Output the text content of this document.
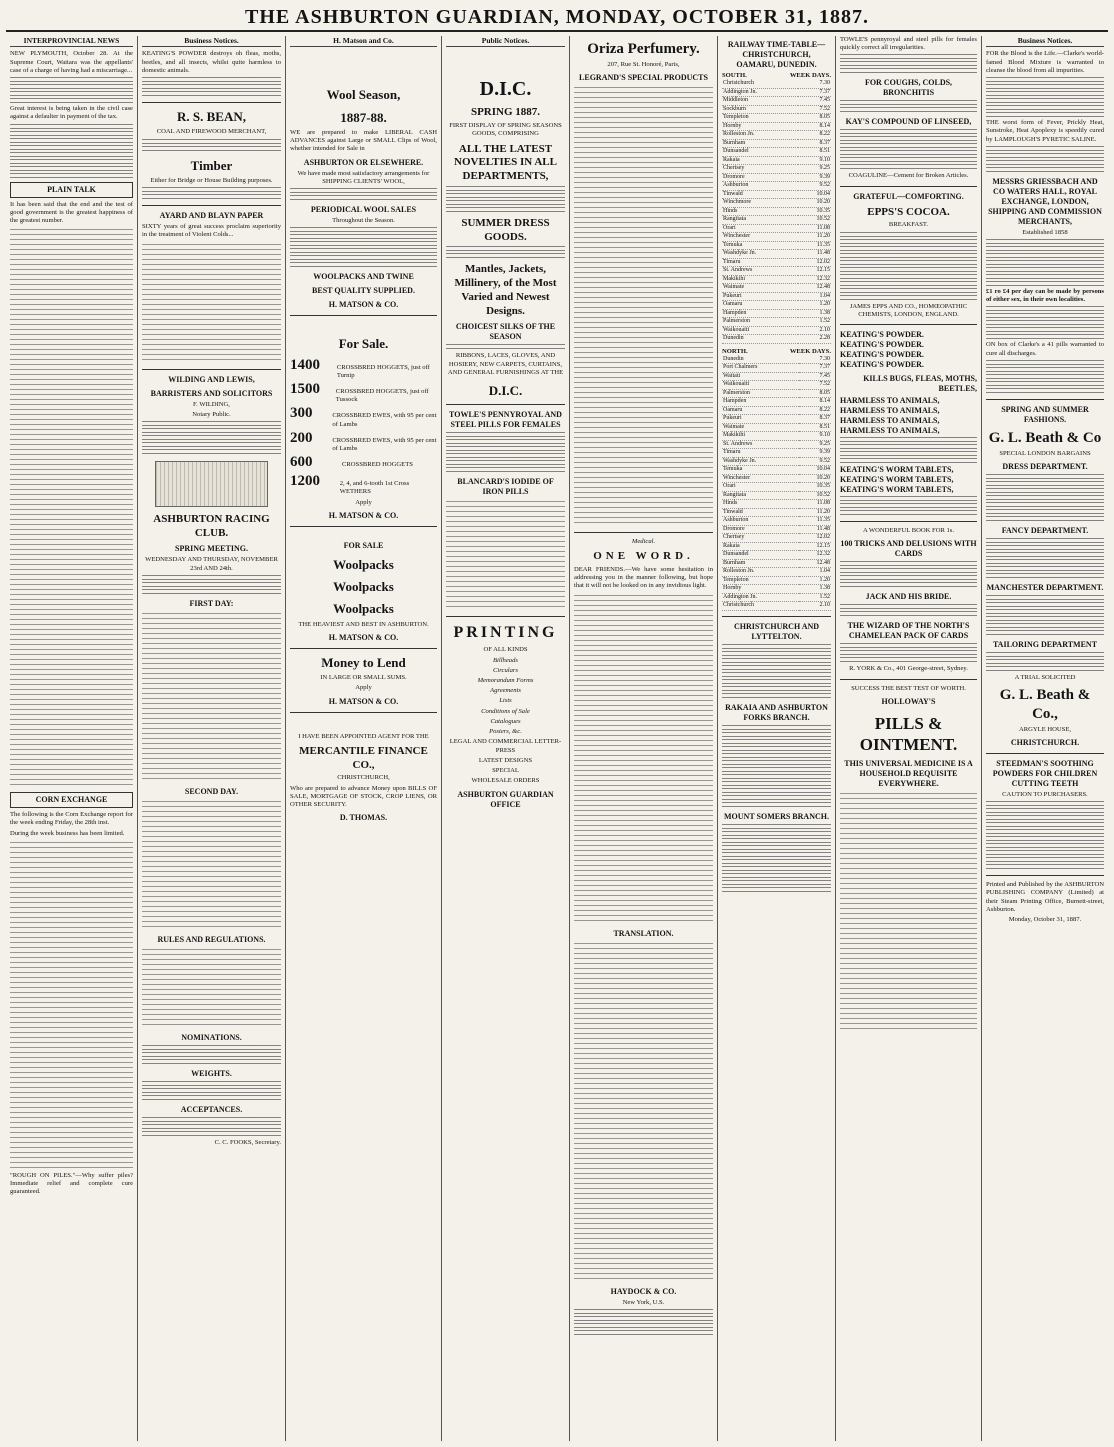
THE ASHBURTON GUARDIAN, MONDAY, OCTOBER 31, 1887.
INTERPROVINCIAL NEWS
NEW PLYMOUTH, October 28. At the Supreme Court, Waitara was the appellants' case of a charge of having had a miscarriage...
Great interest is being taken in the civil case against a defaulter in payment of the tax.
PLAIN TALK
It has been said that the end and the test of good government is the greatest happiness of the greatest number.
CORN EXCHANGE
The following is the Corn Exchange report for the week ending Friday, the 28th inst.
During the week business has been limited.
"ROUGH ON PILES."—Why suffer piles? Immediate relief and complete cure guaranteed.
Business Notices.
KEATING'S POWDER destroys oh fleas, moths, beetles, and all insects, whilst quite harmless to domestic animals.
R. S. BEAN,
COAL AND FIREWOOD MERCHANT,
Timber
Either for Bridge or House Building purposes.
AYARD AND BLAYN PAPER
SIXTY years of great success proclaim superiority in the treatment of Violent Colds...
WILDING AND LEWIS,
BARRISTERS AND SOLICITORS
F. WILDING,
Notary Public.
ASHBURTON RACING CLUB.
SPRING MEETING.
WEDNESDAY AND THURSDAY, NOVEMBER 23rd AND 24th.
FIRST DAY:
SECOND DAY.
RULES AND REGULATIONS.
NOMINATIONS.
WEIGHTS.
ACCEPTANCES.
C. C. FOOKS, Secretary.
H. Matson and Co.
Wool Season,
1887-88.
WE are prepared to make LIBERAL CASH ADVANCES against Large or SMALL Clips of Wool, whether intended for Sale in
ASHBURTON OR ELSEWHERE.
We have made most satisfactory arrangements for SHIPPING CLIENTS' WOOL,
PERIODICAL WOOL SALES
Throughout the Season.
WOOLPACKS AND TWINE
BEST QUALITY SUPPLIED.
H. MATSON & CO.
For Sale.
1400	CROSSBRED HOGGETS, just off Turnip
1500	CROSSBRED HOGGETS, just off Tussock
300	CROSSBRED EWES, with 95 per cent of Lambs
200	CROSSBRED EWES, with 95 per cent of Lambs
600	CROSSBRED HOGGETS
1200	2, 4, and 6-tooth 1st Cross WETHERS
Apply
H. MATSON & CO.
FOR SALE
Woolpacks
Woolpacks
Woolpacks
THE HEAVIEST AND BEST IN ASHBURTON.
H. MATSON & CO.
Money to Lend
IN LARGE OR SMALL SUMS.
Apply
H. MATSON & CO.
I HAVE BEEN APPOINTED AGENT FOR THE
MERCANTILE FINANCE CO.,
CHRISTCHURCH,
Who are prepared to advance Money upon BILLS OF SALE, MORTGAGE OF STOCK, CROP LIENS, OR OTHER SECURITY.
D. THOMAS.
Public Notices.
D.I.C.
SPRING 1887.
FIRST DISPLAY OF SPRING SEASONS GOODS, COMPRISING
ALL THE LATEST NOVELTIES IN ALL DEPARTMENTS,
SUMMER DRESS GOODS.
Mantles, Jackets, Millinery, of the Most Varied and Newest Designs.
CHOICEST SILKS OF THE SEASON
RIBBONS, LACES, GLOVES, AND HOSIERY, NEW CARPETS, CURTAINS, AND GENERAL FURNISHINGS AT THE
D.I.C.
TOWLE'S PENNYROYAL AND STEEL PILLS FOR FEMALES
BLANCARD'S IODIDE OF IRON PILLS
PRINTING
OF ALL KINDS
Billheads
Circulars
Memorandum Forms
Agreements
Lists
Conditions of Sale
Catalogues
Posters, &c.
LEGAL AND COMMERCIAL LETTER-PRESS
LATEST DESIGNS
SPECIAL
WHOLESALE ORDERS
ASHBURTON GUARDIAN OFFICE
Oriza Perfumery.
207, Rue St. Honoré, Paris,
LEGRAND'S SPECIAL PRODUCTS
Medical.
ONE WORD.
DEAR FRIENDS.—We have some hesitation in addressing you in the manner following, but hope that it will not be looked on in any invidious light.
TRANSLATION.
HAYDOCK & CO.
New York, U.S.
RAILWAY TIME-TABLE—CHRISTCHURCH, OAMARU, DUNEDIN.
SOUTH.	WEEK DAYS.
Christchurch	7.30
Addington Jn.	7.37
Middleton	7.45
Sockburn	7.52
Templeton	8.05
Hornby	8.14
Rolleston Jn.	8.22
Burnham	8.37
Dunsandel	8.51
Rakaia	9.10
Chertsey	9.25
Dromore	9.39
Ashburton	9.52
Tinwald	10.04
Winchmore	10.20
Hinds	10.35
Rangitata	10.52
Orari	11.08
Winchester	11.20
Temuka	11.35
Washdyke Jn.	11.48
Timaru	12.02
St. Andrews	12.15
Makikihi	12.32
Waimate	12.48
Pukeuri	1.04
Oamaru	1.20
Hampden	1.38
Palmerston	1.52
Waikouaiti	2.10
Dunedin	2.28
NORTH.	WEEK DAYS.
Dunedin	7.30
Port Chalmers	7.37
Waitati	7.45
Waikouaiti	7.52
Palmerston	8.05
Hampden	8.14
Oamaru	8.22
Pukeuri	8.37
Waimate	8.51
Makikihi	9.10
St. Andrews	9.25
Timaru	9.39
Washdyke Jn.	9.52
Temuka	10.04
Winchester	10.20
Orari	10.35
Rangitata	10.52
Hinds	11.08
Tinwald	11.20
Ashburton	11.35
Dromore	11.48
Chertsey	12.02
Rakaia	12.15
Dunsandel	12.32
Burnham	12.48
Rolleston Jn.	1.04
Templeton	1.20
Hornby	1.38
Addington Jn.	1.52
Christchurch	2.10
CHRISTCHURCH AND LYTTELTON.
RAKAIA AND ASHBURTON FORKS BRANCH.
MOUNT SOMERS BRANCH.
TOWLE'S pennyroyal and steel pills for females quickly correct all irregularities.
FOR COUGHS, COLDS, BRONCHITIS
KAY'S COMPOUND OF LINSEED,
COAGULINE—Cement for Broken Articles.
GRATEFUL—COMFORTING.
EPPS'S COCOA.
BREAKFAST.
JAMES EPPS AND CO., HOMŒOPATHIC CHEMISTS, LONDON, ENGLAND.
KEATING'S POWDER.
KEATING'S POWDER.
KEATING'S POWDER.
KEATING'S POWDER.
KILLS BUGS, FLEAS, MOTHS, BEETLES,
HARMLESS TO ANIMALS,
HARMLESS TO ANIMALS,
HARMLESS TO ANIMALS,
HARMLESS TO ANIMALS,
KEATING'S WORM TABLETS,
KEATING'S WORM TABLETS,
KEATING'S WORM TABLETS,
A WONDERFUL BOOK FOR 1s.
100 TRICKS AND DELUSIONS WITH CARDS
JACK AND HIS BRIDE.
THE WIZARD OF THE NORTH'S CHAMELEAN PACK OF CARDS
R. YORK & Co., 401 George-street, Sydney.
SUCCESS THE BEST TEST OF WORTH.
HOLLOWAY'S
PILLS & OINTMENT.
THIS UNIVERSAL MEDICINE IS A HOUSEHOLD REQUISITE EVERYWHERE.
Business Notices.
FOR the Blood is the Life.—Clarke's world-famed Blood Mixture is warranted to cleanse the blood from all impurities.
THE worst form of Fever, Prickly Heat, Sunstroke, Heat Apoplexy is speedily cured by LAMPLOUGH'S PYRETIC SALINE.
MESSRS GRIESSBACH AND CO WATERS HALL, ROYAL EXCHANGE, LONDON, SHIPPING AND COMMISSION MERCHANTS,
Established 1858
£1 ro £4 per day can be made by persons of either sex, in their own localities.
ON box of Clarke's a 41 pills warranted to cure all discharges.
SPRING AND SUMMER FASHIONS.
G. L. Beath & Co
SPECIAL LONDON BARGAINS
DRESS DEPARTMENT.
FANCY DEPARTMENT.
MANCHESTER DEPARTMENT.
TAILORING DEPARTMENT
A TRIAL SOLICITED
G. L. Beath & Co.,
ARGYLE HOUSE,
CHRISTCHURCH.
STEEDMAN'S SOOTHING POWDERS FOR CHILDREN CUTTING TEETH
CAUTION TO PURCHASERS.
Printed and Published by the ASHBURTON PUBLISHING COMPANY (Limited) at their Steam Printing Office, Burnett-street, Ashburton.
Monday, October 31, 1887.
